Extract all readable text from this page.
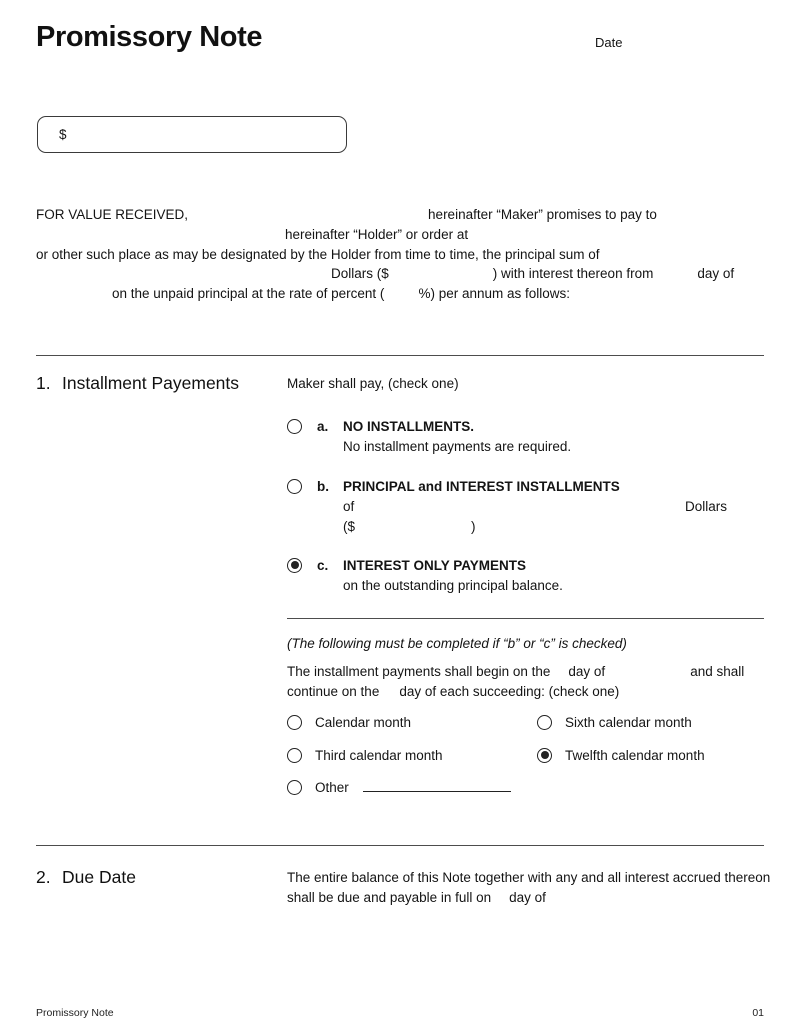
Promissory Note	Date
$
FOR VALUE RECEIVED,	hereinafter “Maker” promises to pay to
hereinafter “Holder” or order at
or other such place as may be designated by the Holder from time to time, the principal sum of
Dollars ($	) with interest thereon from	day of
on the unpaid principal at the rate of percent (	%) per annum as follows:
1. Installment Payements	Maker shall pay, (check one)
a.	NO INSTALLMENTS.
No installment payments are required.
b.	PRINCIPAL and INTEREST INSTALLMENTS
of	Dollars
($	)
c.	INTEREST ONLY PAYMENTS
on the outstanding principal balance.
(The following must be completed if “b” or “c” is checked)
The installment payments shall begin on the day of	and shall
continue on the day of each succeeding: (check one)
Calendar month	Sixth calendar month
Third calendar month	Twelfth calendar month
Other
2. Due Date	The entire balance of this Note together with any and all interest accrued thereon
shall be due and payable in full on day of
Promissory Note	01
